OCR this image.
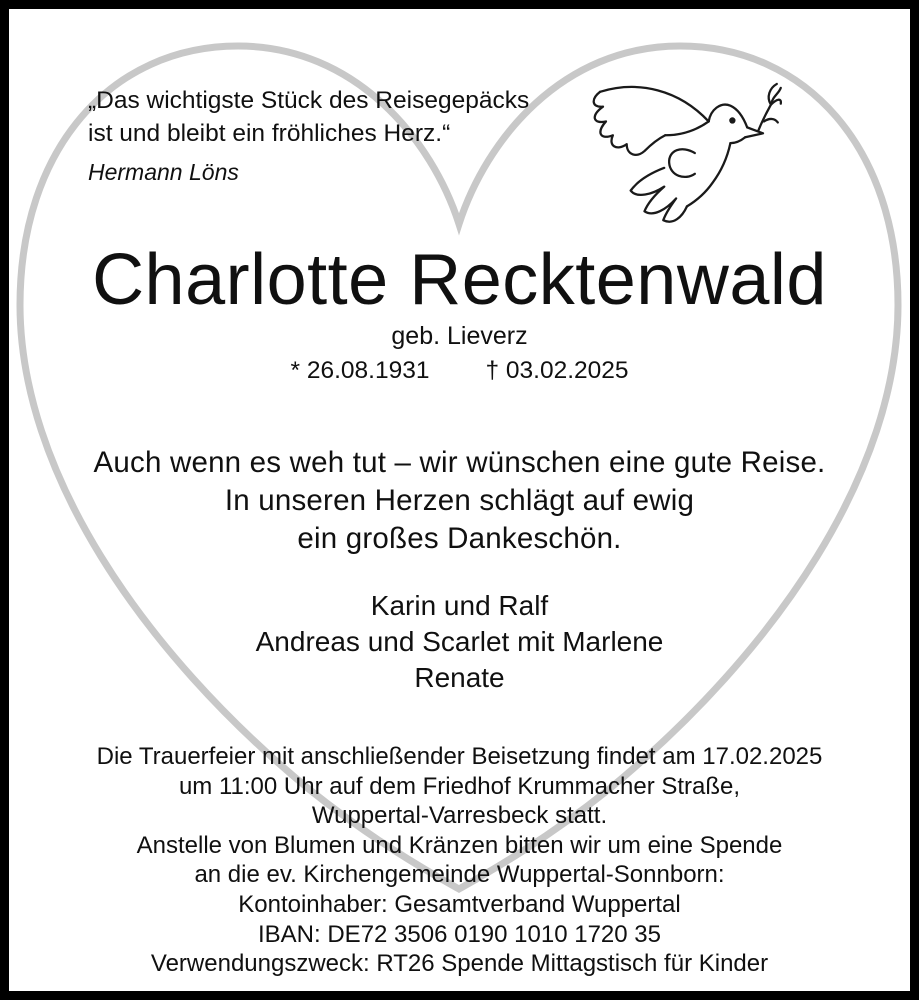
„Das wichtigste Stück des Reisegepäcks
ist und bleibt ein fröhliches Herz.“
Hermann Löns
Charlotte Recktenwald
geb. Lieverz
* 26.08.1931 † 03.02.2025
Auch wenn es weh tut – wir wünschen eine gute Reise.
In unseren Herzen schlägt auf ewig
ein großes Dankeschön.
Karin und Ralf
Andreas und Scarlet mit Marlene
Renate
Die Trauerfeier mit anschließender Beisetzung findet am 17.02.2025
um 11:00 Uhr auf dem Friedhof Krummacher Straße,
Wuppertal-Varresbeck statt.
Anstelle von Blumen und Kränzen bitten wir um eine Spende
an die ev. Kirchengemeinde Wuppertal-Sonnborn:
Kontoinhaber: Gesamtverband Wuppertal
IBAN: DE72 3506 0190 1010 1720 35
Verwendungszweck: RT26 Spende Mittagstisch für Kinder
